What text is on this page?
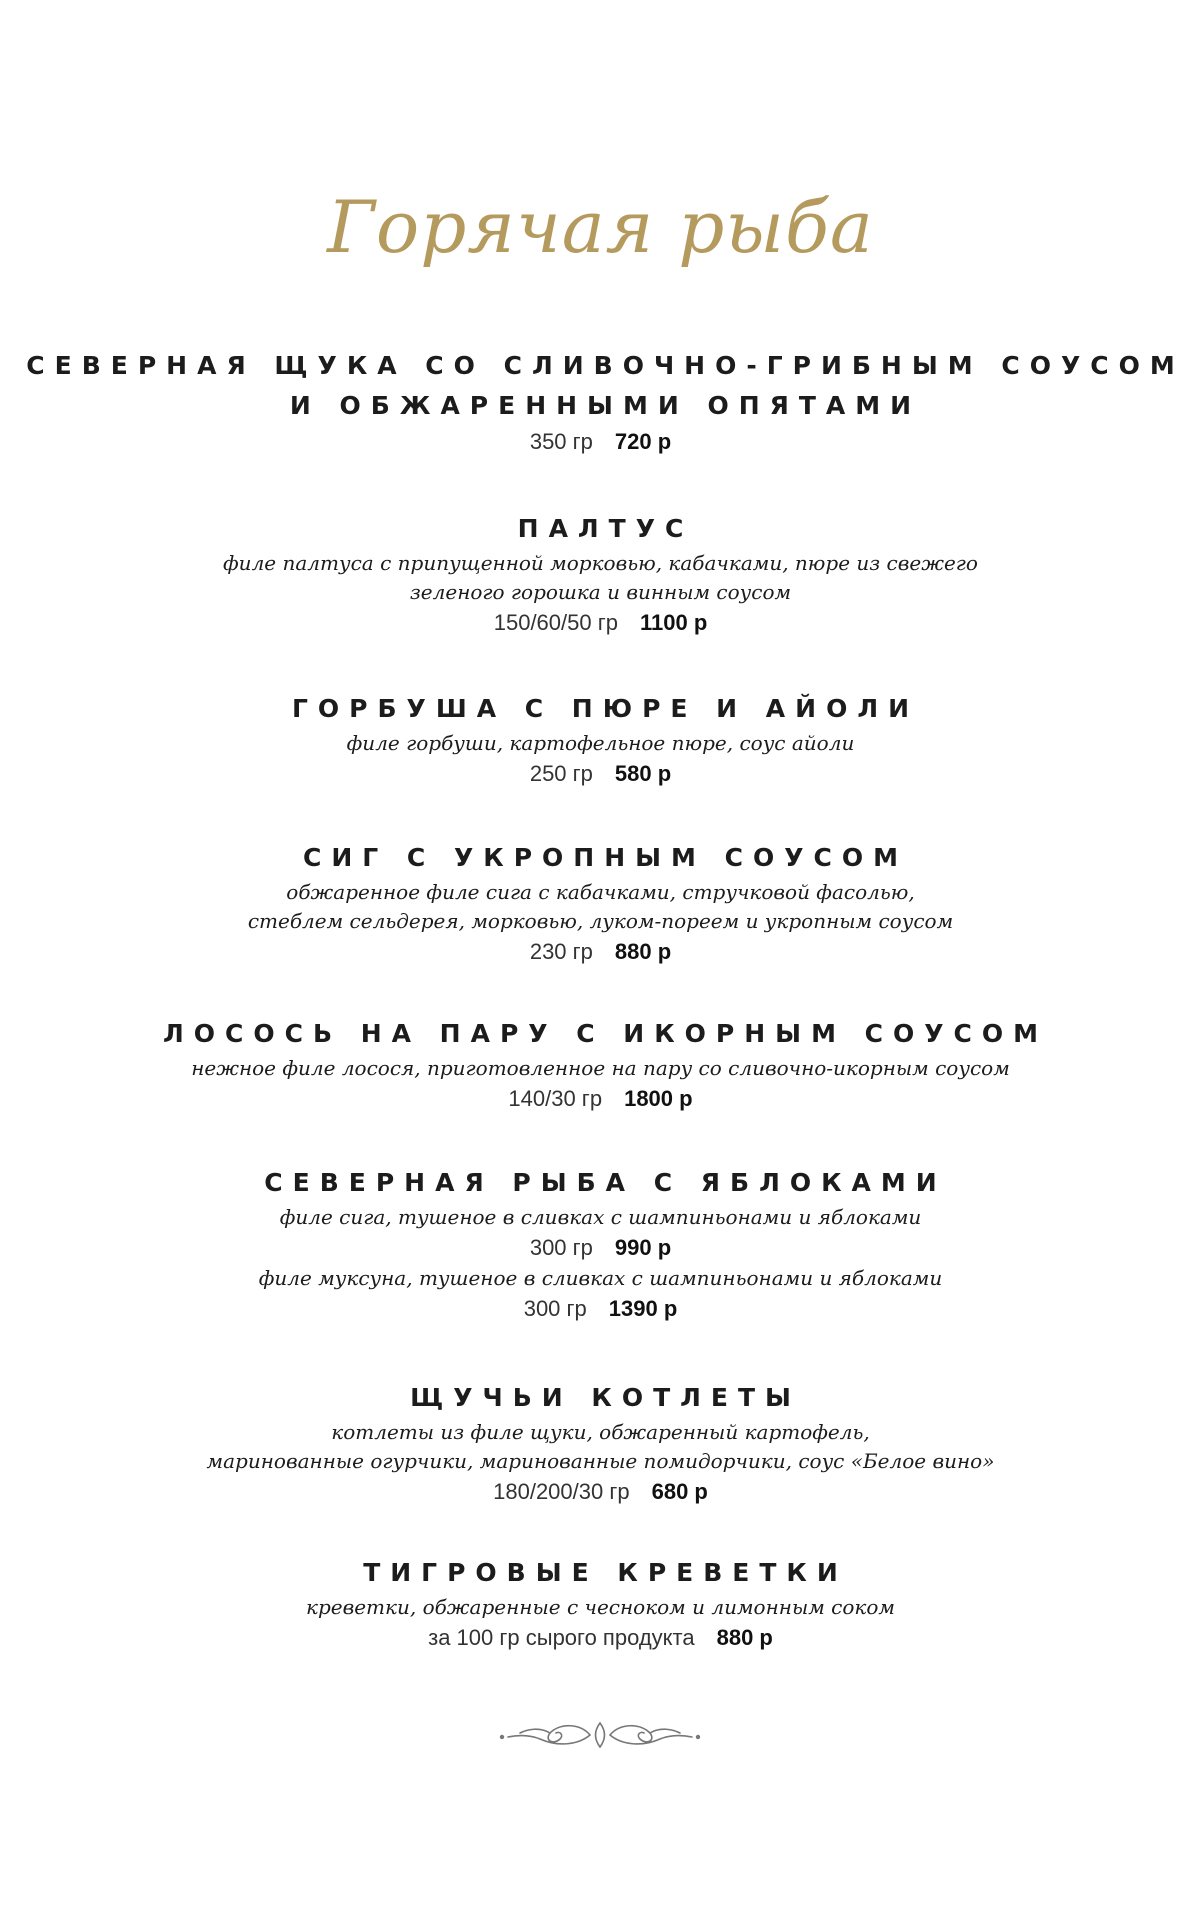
Горячая рыба
СЕВЕРНАЯ ЩУКА СО СЛИВОЧНО-ГРИБНЫМ СОУСОМ
И ОБЖАРЕННЫМИ ОПЯТАМИ
350 гр 720 р
ПАЛТУС
филе палтуса с припущенной морковью, кабачками, пюре из свежего
зеленого горошка и винным соусом
150/60/50 гр 1100 р
ГОРБУША С ПЮРЕ И АЙОЛИ
филе горбуши, картофельное пюре, соус айоли
250 гр 580 р
СИГ С УКРОПНЫМ СОУСОМ
обжаренное филе сига с кабачками, стручковой фасолью,
стеблем сельдерея, морковью, луком-пореем и укропным соусом
230 гр 880 р
ЛОСОСЬ НА ПАРУ С ИКОРНЫМ СОУСОМ
нежное филе лосося, приготовленное на пару со сливочно-икорным соусом
140/30 гр 1800 р
СЕВЕРНАЯ РЫБА С ЯБЛОКАМИ
филе сига, тушеное в сливках с шампиньонами и яблоками
300 гр 990 р
филе муксуна, тушеное в сливках с шампиньонами и яблоками
300 гр 1390 р
ЩУЧЬИ КОТЛЕТЫ
котлеты из филе щуки, обжаренный картофель,
маринованные огурчики, маринованные помидорчики, соус «Белое вино»
180/200/30 гр 680 р
ТИГРОВЫЕ КРЕВЕТКИ
креветки, обжаренные с чесноком и лимонным соком
за 100 гр сырого продукта 880 р
